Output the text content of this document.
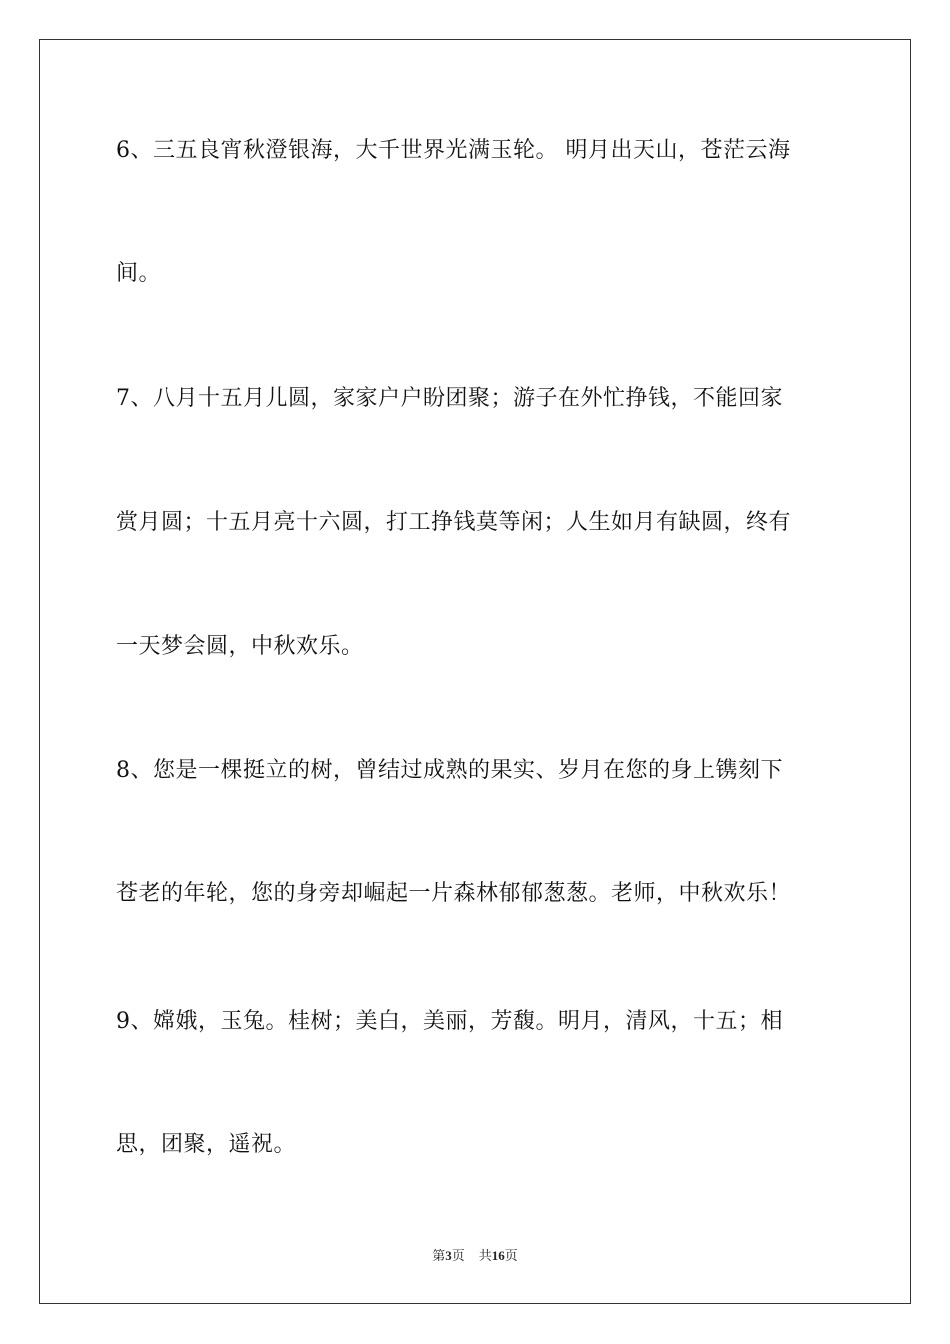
6、三五良宵秋澄银海，大千世界光满玉轮。 明月出天山，苍茫云海
间。
7、八月十五月儿圆，家家户户盼团聚；游子在外忙挣钱，不能回家
赏月圆；十五月亮十六圆，打工挣钱莫等闲；人生如月有缺圆，终有
一天梦会圆，中秋欢乐。
8、您是一棵挺立的树，曾结过成熟的果实、岁月在您的身上镌刻下
苍老的年轮，您的身旁却崛起一片森林郁郁葱葱。老师，中秋欢乐！
9、嫦娥，玉兔。桂树；美白，美丽，芳馥。明月，清风，十五；相
思，团聚，遥祝。
第3页 共16页
